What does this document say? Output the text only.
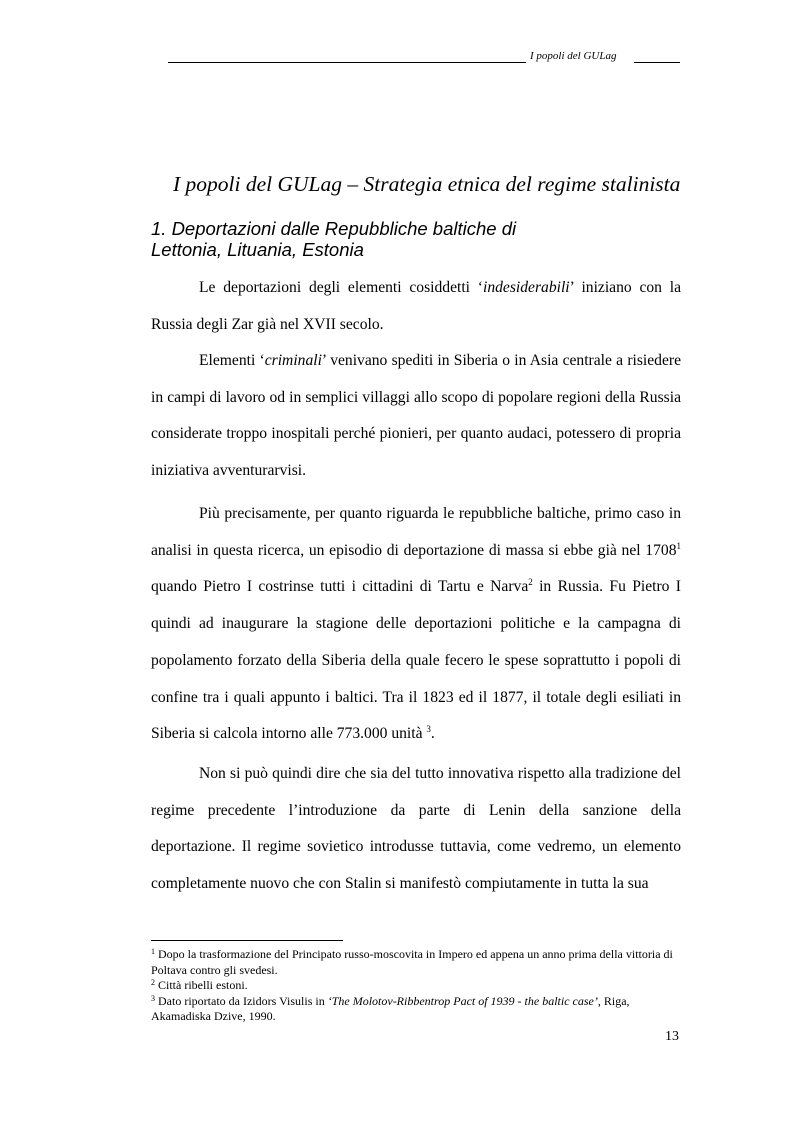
I popoli del GULag
I popoli del GULag – Strategia etnica del regime stalinista
1. Deportazioni dalle Repubbliche baltiche di
Lettonia, Lituania, Estonia

Le deportazioni degli elementi cosiddetti ‘indesiderabili’ iniziano con la Russia degli Zar già nel XVII secolo.

Elementi ‘criminali’ venivano spediti in Siberia o in Asia centrale a risiedere in campi di lavoro od in semplici villaggi allo scopo di popolare regioni della Russia considerate troppo inospitali perché pionieri, per quanto audaci, potessero di propria iniziativa avventurarvisi.

Più precisamente, per quanto riguarda le repubbliche baltiche, primo caso in analisi in questa ricerca, un episodio di deportazione di massa si ebbe già nel 1708$^1$ quando Pietro I costrinse tutti i cittadini di Tartu e Narva$^2$ in Russia. Fu Pietro I quindi ad inaugurare la stagione delle deportazioni politiche e la campagna di popolamento forzato della Siberia della quale fecero le spese soprattutto i popoli di confine tra i quali appunto i baltici. Tra il 1823 ed il 1877, il totale degli esiliati in Siberia si calcola intorno alle 773.000 unità $^3$.

Non si può quindi dire che sia del tutto innovativa rispetto alla tradizione del regime precedente l’introduzione da parte di Lenin della sanzione della deportazione. Il regime sovietico introdusse tuttavia, come vedremo, un elemento completamente nuovo che con Stalin si manifestò compiutamente in tutta la sua

$^1$ Dopo la trasformazione del Principato russo-moscovita in Impero ed appena un anno prima della vittoria di Poltava contro gli svedesi.

$^2$ Città ribelli estoni.

$^3$ Dato riportato da Izidors Visulis in ‘The Molotov-Ribbentrop Pact of 1939 - the baltic case’, Riga, Akamadiska Dzive, 1990.

13
